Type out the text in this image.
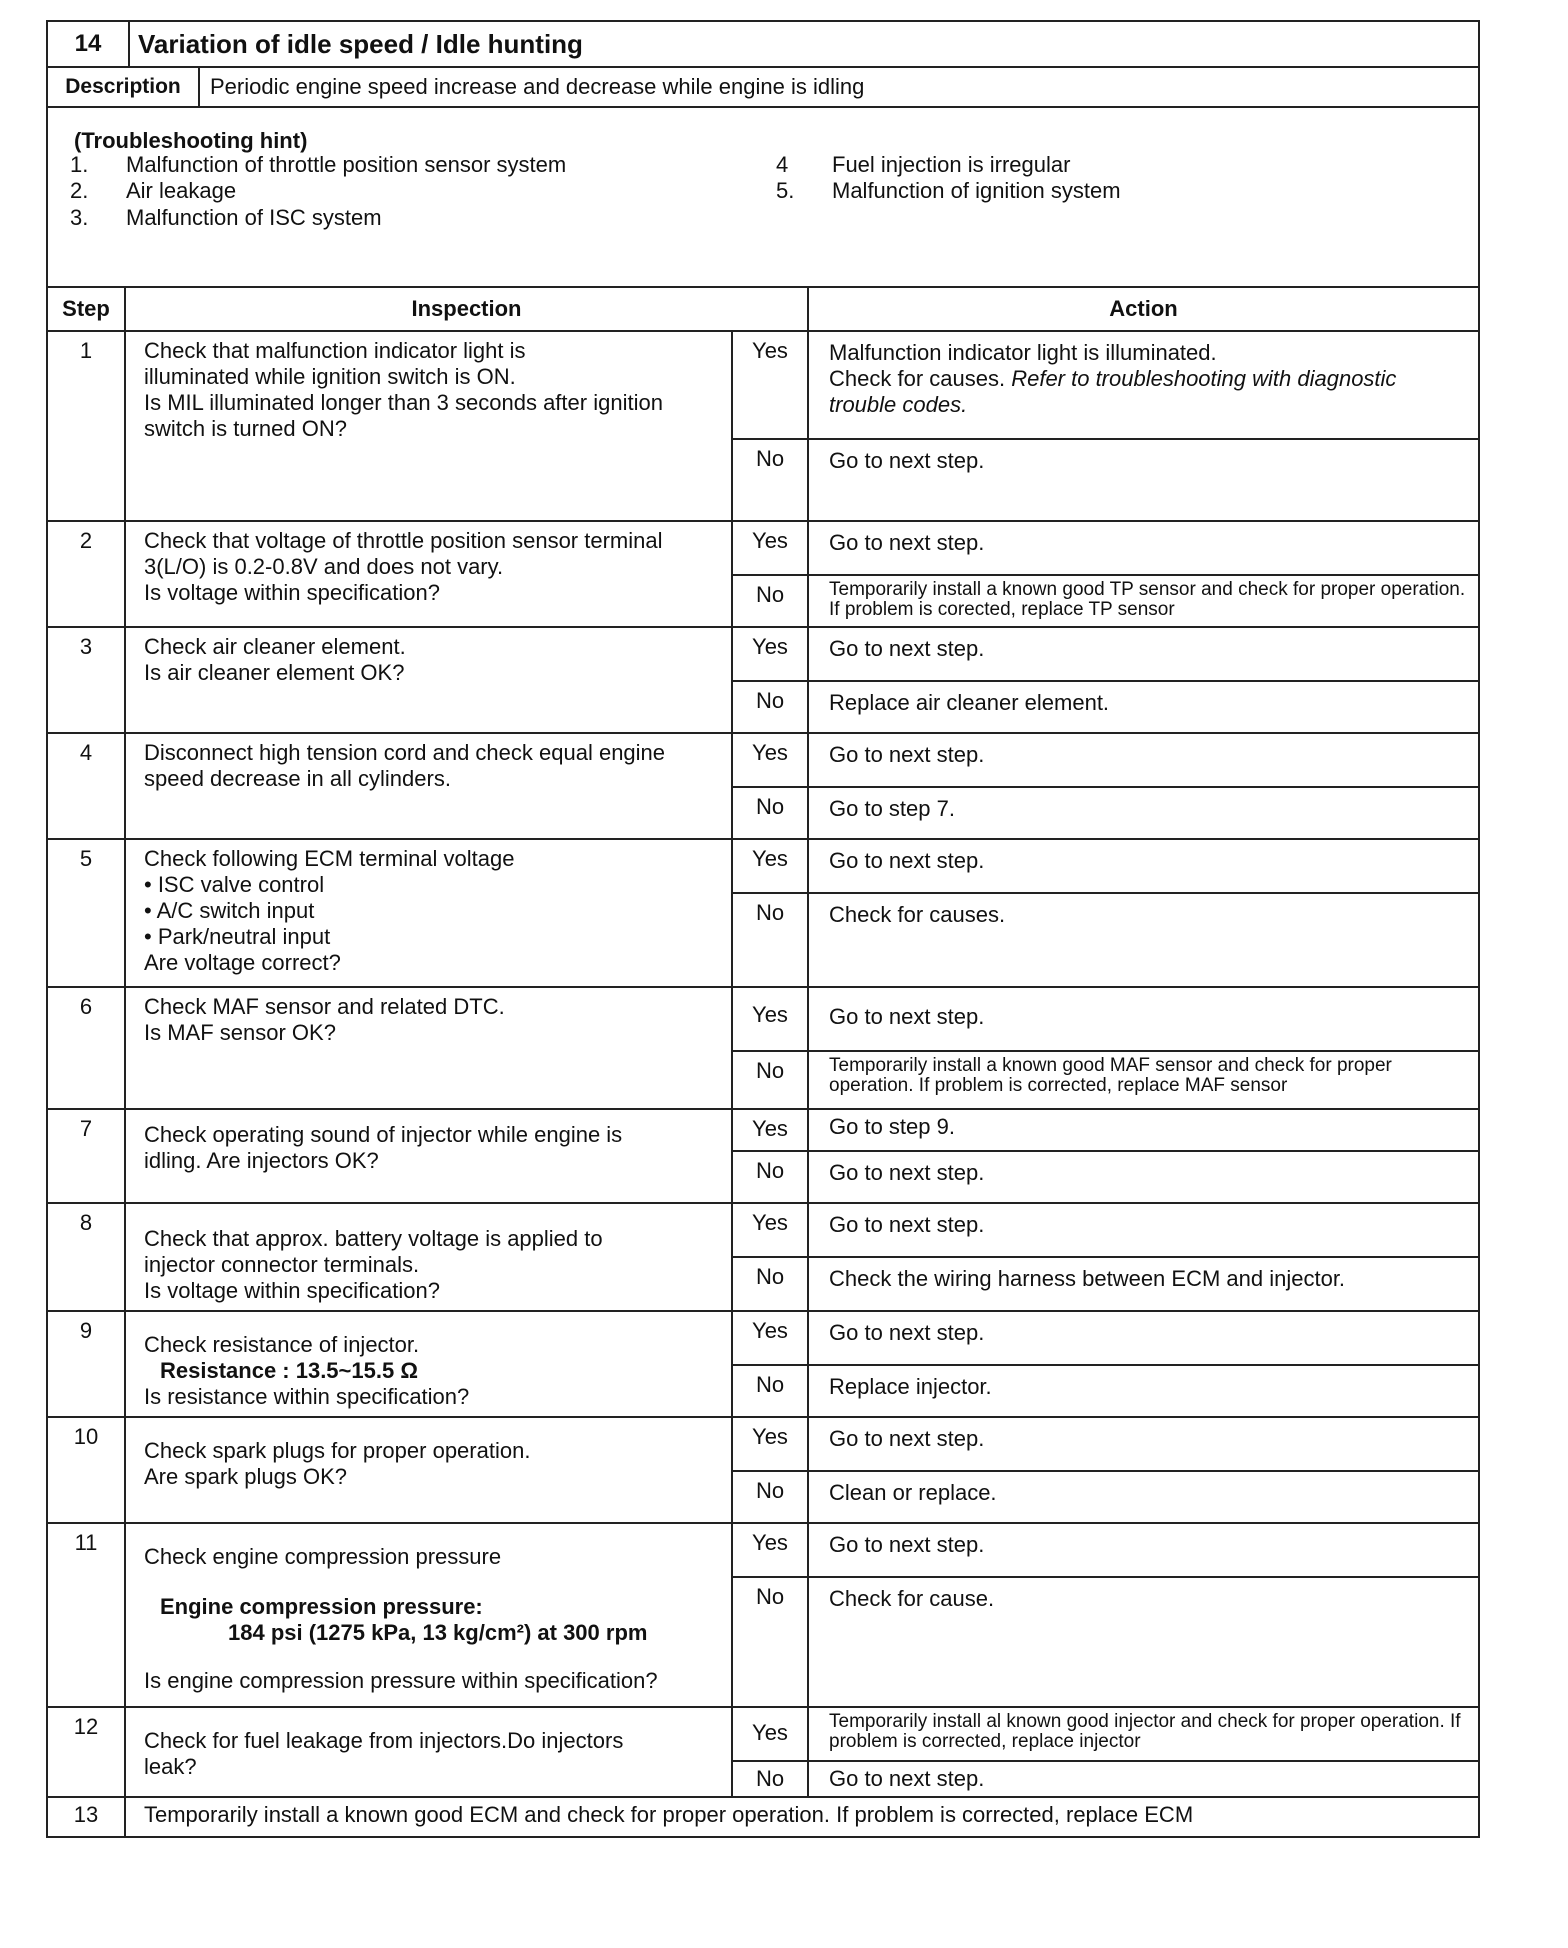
14	Variation of idle speed / Idle hunting
Description	Periodic engine speed increase and decrease while engine is idling
(Troubleshooting hint)
1. Malfunction of throttle position sensor system
2. Air leakage
3. Malfunction of ISC system
4 Fuel injection is irregular
5. Malfunction of ignition system
Step	Inspection	Action
1	Check that malfunction indicator light is
illuminated while ignition switch is ON.
Is MIL illuminated longer than 3 seconds after ignition
switch is turned ON?
Yes	Malfunction indicator light is illuminated.
Check for causes. Refer to troubleshooting with diagnostic trouble codes.
No	Go to next step.
2	Check that voltage of throttle position sensor terminal
3(L/O) is 0.2-0.8V and does not vary.
Is voltage within specification?
Yes	Go to next step.
No	Temporarily install a known good TP sensor and check for proper operation. If problem is corected, replace TP sensor
3	Check air cleaner element.
Is air cleaner element OK?
Yes	Go to next step.
No	Replace air cleaner element.
4	Disconnect high tension cord and check equal engine
speed decrease in all cylinders.
Yes	Go to next step.
No	Go to step 7.
5	Check following ECM terminal voltage
• ISC valve control
• A/C switch input
• Park/neutral input
Are voltage correct?
Yes	Go to next step.
No	Check for causes.
6	Check MAF sensor and related DTC.
Is MAF sensor OK?
Yes	Go to next step.
No	Temporarily install a known good MAF sensor and check for proper operation. If problem is corrected, replace MAF sensor
7	Check operating sound of injector while engine is
idling. Are injectors OK?
Yes	Go to step 9.
No	Go to next step.
8
Check that approx. battery voltage is applied to
injector connector terminals.
Is voltage within specification?
Yes	Go to next step.
No	Check the wiring harness between ECM and injector.
9
Check resistance of injector.
Resistance : 13.5~15.5 Ω
Is resistance within specification?
Yes	Go to next step.
No	Replace injector.
10
Check spark plugs for proper operation.
Are spark plugs OK?
Yes	Go to next step.
No	Clean or replace.
11
Check engine compression pressure
Engine compression pressure:
184 psi (1275 kPa, 13 kg/cm²) at 300 rpm
Is engine compression pressure within specification?
Yes	Go to next step.
No	Check for cause.
12
Check for fuel leakage from injectors.Do injectors
leak?
Yes	Temporarily install al known good injector and check for proper operation. If problem is corrected, replace injector
No	Go to next step.
13	Temporarily install a known good ECM and check for proper operation. If problem is corrected, replace ECM
